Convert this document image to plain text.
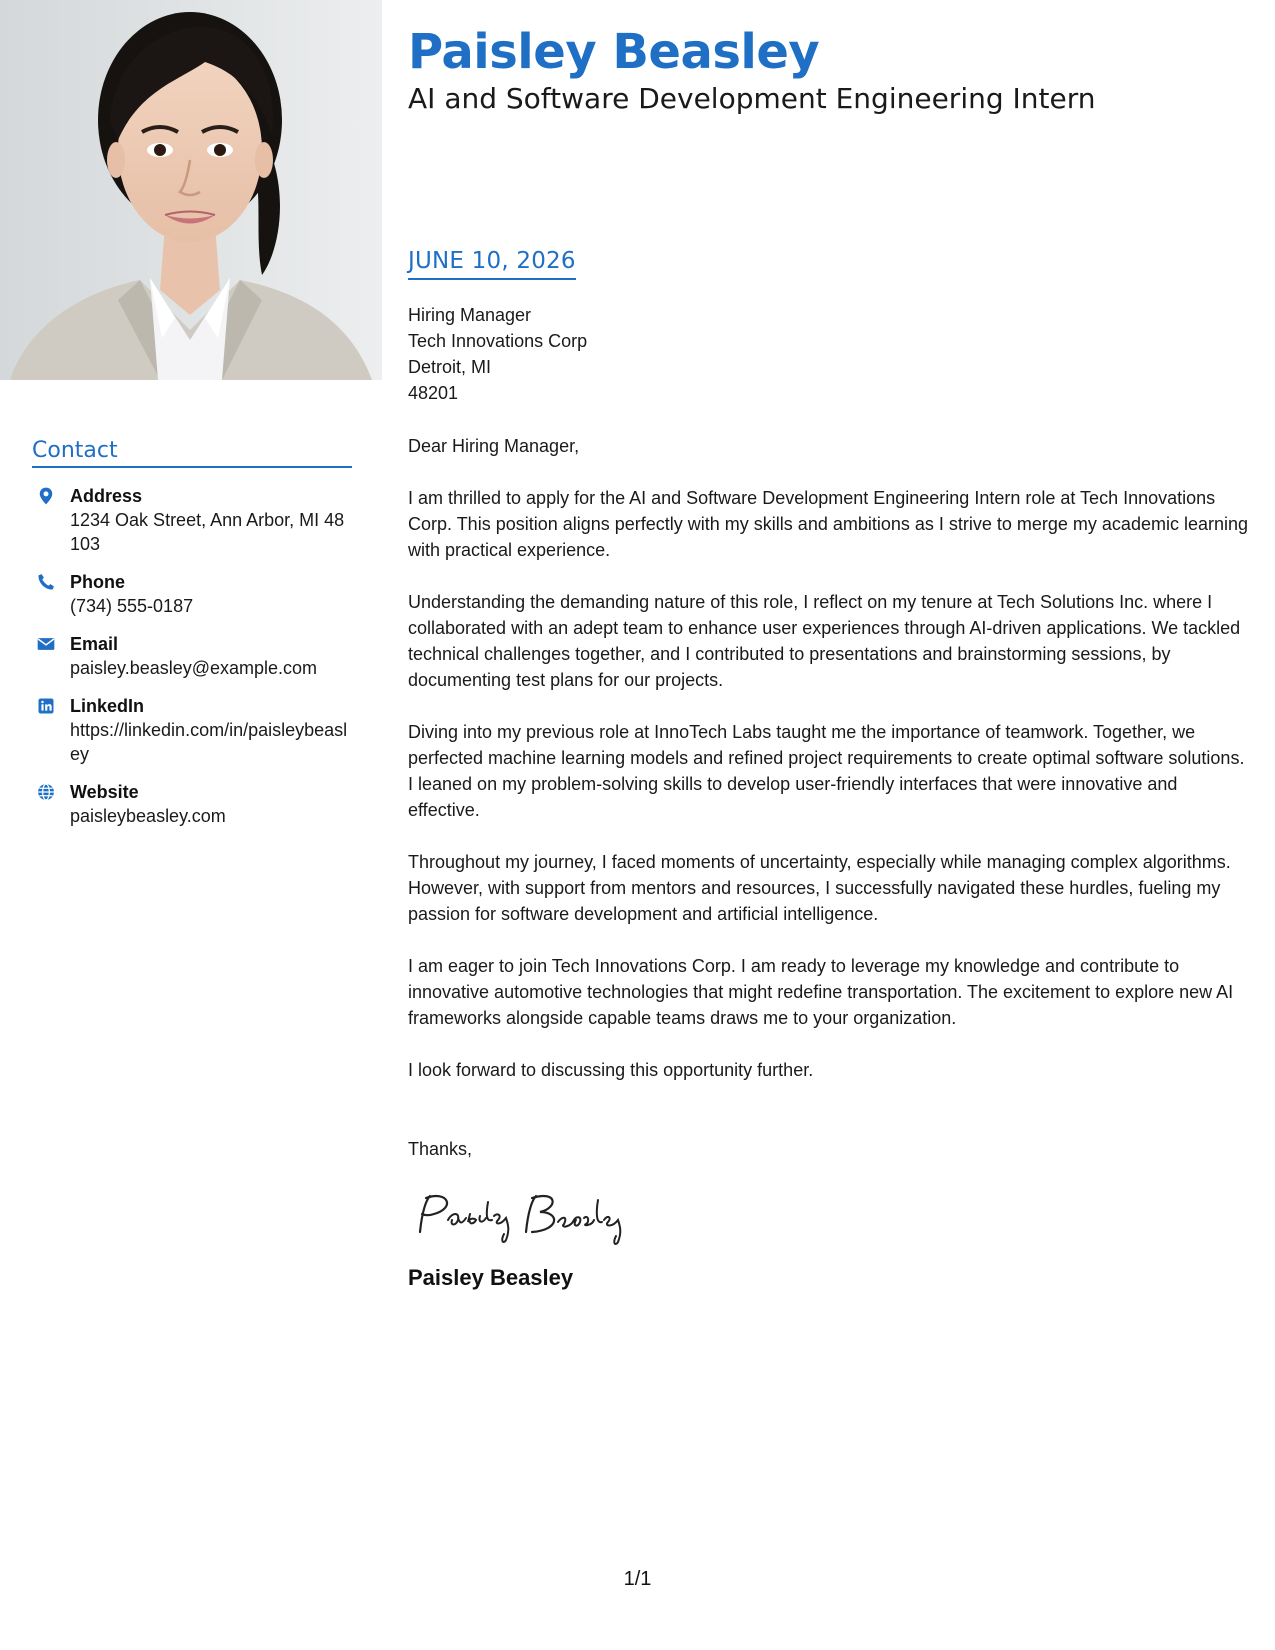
Paisley Beasley
AI and Software Development Engineering Intern
Contact
Address
1234 Oak Street, Ann Arbor, MI 48103
Phone
(734) 555-0187
Email
paisley.beasley@example.com
LinkedIn
https://linkedin.com/in/paisleybeasley
Website
paisleybeasley.com
JUNE 10, 2026
Hiring Manager
Tech Innovations Corp
Detroit, MI
48201
Dear Hiring Manager,
I am thrilled to apply for the AI and Software Development Engineering Intern role at Tech Innovations Corp. This position aligns perfectly with my skills and ambitions as I strive to merge my academic learning with practical experience.
Understanding the demanding nature of this role, I reflect on my tenure at Tech Solutions Inc. where I collaborated with an adept team to enhance user experiences through AI-driven applications. We tackled technical challenges together, and I contributed to presentations and brainstorming sessions, by documenting test plans for our projects.
Diving into my previous role at InnoTech Labs taught me the importance of teamwork. Together, we perfected machine learning models and refined project requirements to create optimal software solutions. I leaned on my problem-solving skills to develop user-friendly interfaces that were innovative and effective.
Throughout my journey, I faced moments of uncertainty, especially while managing complex algorithms. However, with support from mentors and resources, I successfully navigated these hurdles, fueling my passion for software development and artificial intelligence.
I am eager to join Tech Innovations Corp. I am ready to leverage my knowledge and contribute to innovative automotive technologies that might redefine transportation. The excitement to explore new AI frameworks alongside capable teams draws me to your organization.
I look forward to discussing this opportunity further.
Thanks,
Paisley Beasley
1/1
